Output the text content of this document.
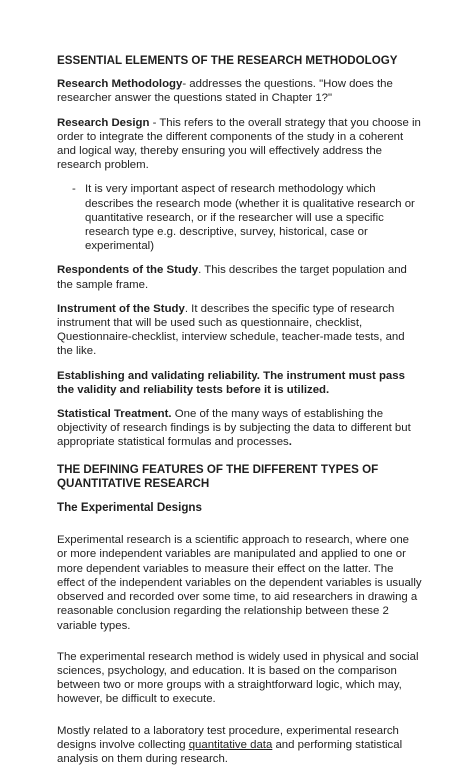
ESSENTIAL ELEMENTS OF THE RESEARCH METHODOLOGY

Research Methodology- addresses the questions. "How does the researcher answer the questions stated in Chapter 1?"

Research Design - This refers to the overall strategy that you choose in order to integrate the different components of the study in a coherent and logical way, thereby ensuring you will effectively address the research problem.

- It is very important aspect of research methodology which describes the research mode (whether it is qualitative research or quantitative research, or if the researcher will use a specific research type e.g. descriptive, survey, historical, case or experimental)

Respondents of the Study. This describes the target population and the sample frame.

Instrument of the Study. It describes the specific type of research instrument that will be used such as questionnaire, checklist, Questionnaire-checklist, interview schedule, teacher-made tests, and the like.

Establishing and validating reliability. The instrument must pass the validity and reliability tests before it is utilized.

Statistical Treatment. One of the many ways of establishing the objectivity of research findings is by subjecting the data to different but appropriate statistical formulas and processes.

THE DEFINING FEATURES OF THE DIFFERENT TYPES OF QUANTITATIVE RESEARCH
The Experimental Designs

Experimental research is a scientific approach to research, where one or more independent variables are manipulated and applied to one or more dependent variables to measure their effect on the latter. The effect of the independent variables on the dependent variables is usually observed and recorded over some time, to aid researchers in drawing a reasonable conclusion regarding the relationship between these 2 variable types.

The experimental research method is widely used in physical and social sciences, psychology, and education. It is based on the comparison between two or more groups with a straightforward logic, which may, however, be difficult to execute.

Mostly related to a laboratory test procedure, experimental research designs involve collecting quantitative data and performing statistical analysis on them during research.
